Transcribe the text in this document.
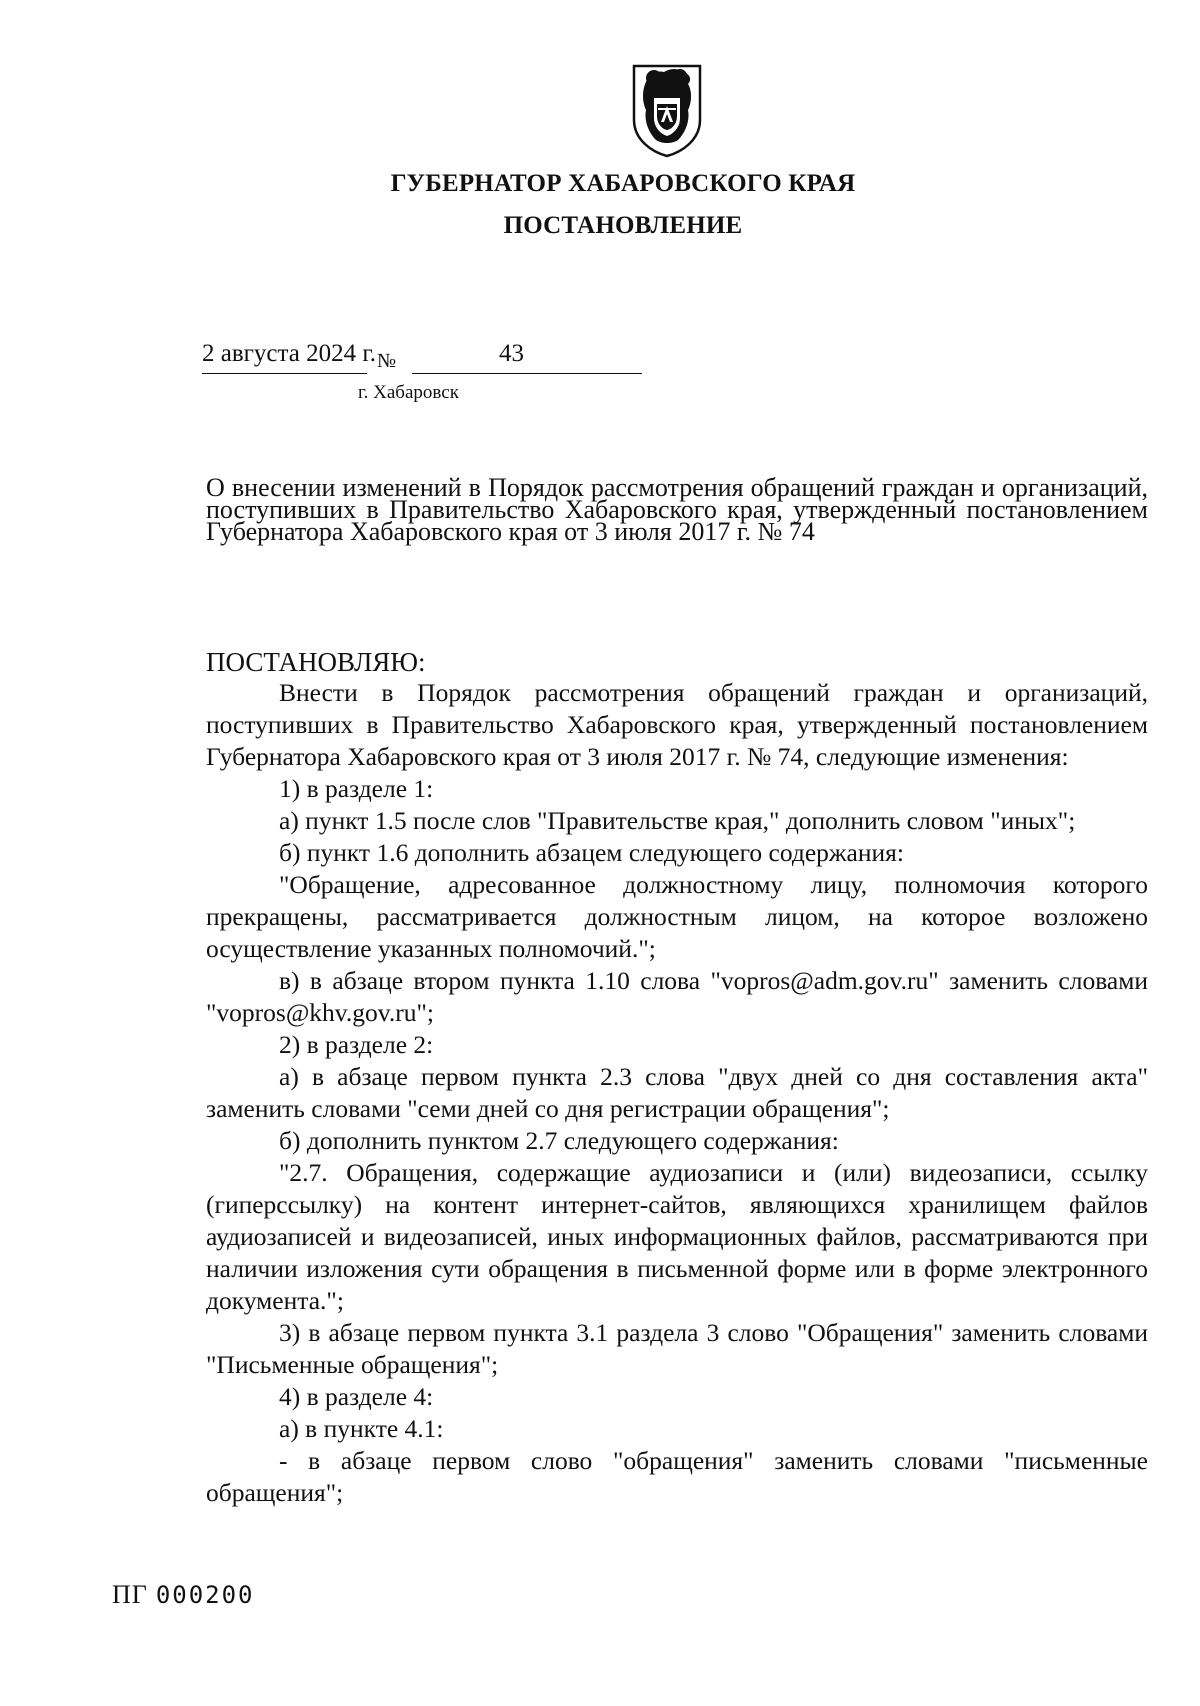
ГУБЕРНАТОР ХАБАРОВСКОГО КРАЯ
ПОСТАНОВЛЕНИЕ
2 августа 2024 г. №	43
г. Хабаровск
О внесении изменений в Порядок рассмотрения обращений граждан и организаций, поступивших в Правительство Хабаровского края, утвержденный постановлением Губернатора Хабаровского края от 3 июля 2017 г. № 74
ПОСТАНОВЛЯЮ:

Внести в Порядок рассмотрения обращений граждан и организаций, поступивших в Правительство Хабаровского края, утвержденный постановлением Губернатора Хабаровского края от 3 июля 2017 г. № 74, следующие изменения:

1) в разделе 1:

а) пункт 1.5 после слов "Правительстве края," дополнить словом "иных";

б) пункт 1.6 дополнить абзацем следующего содержания:

"Обращение, адресованное должностному лицу, полномочия которого прекращены, рассматривается должностным лицом, на которое возложено осуществление указанных полномочий.";

в) в абзаце втором пункта 1.10 слова "vopros@adm.gov.ru" заменить словами "vopros@khv.gov.ru";

2) в разделе 2:

а) в абзаце первом пункта 2.3 слова "двух дней со дня составления акта" заменить словами "семи дней со дня регистрации обращения";

б) дополнить пунктом 2.7 следующего содержания:

"2.7. Обращения, содержащие аудиозаписи и (или) видеозаписи, ссылку (гиперссылку) на контент интернет-сайтов, являющихся хранилищем файлов аудиозаписей и видеозаписей, иных информационных файлов, рассматриваются при наличии изложения сути обращения в письменной форме или в форме электронного документа.";

3) в абзаце первом пункта 3.1 раздела 3 слово "Обращения" заменить словами "Письменные обращения";

4) в разделе 4:

а) в пункте 4.1:

- в абзаце первом слово "обращения" заменить словами "письменные обращения";

ПГ 000200
